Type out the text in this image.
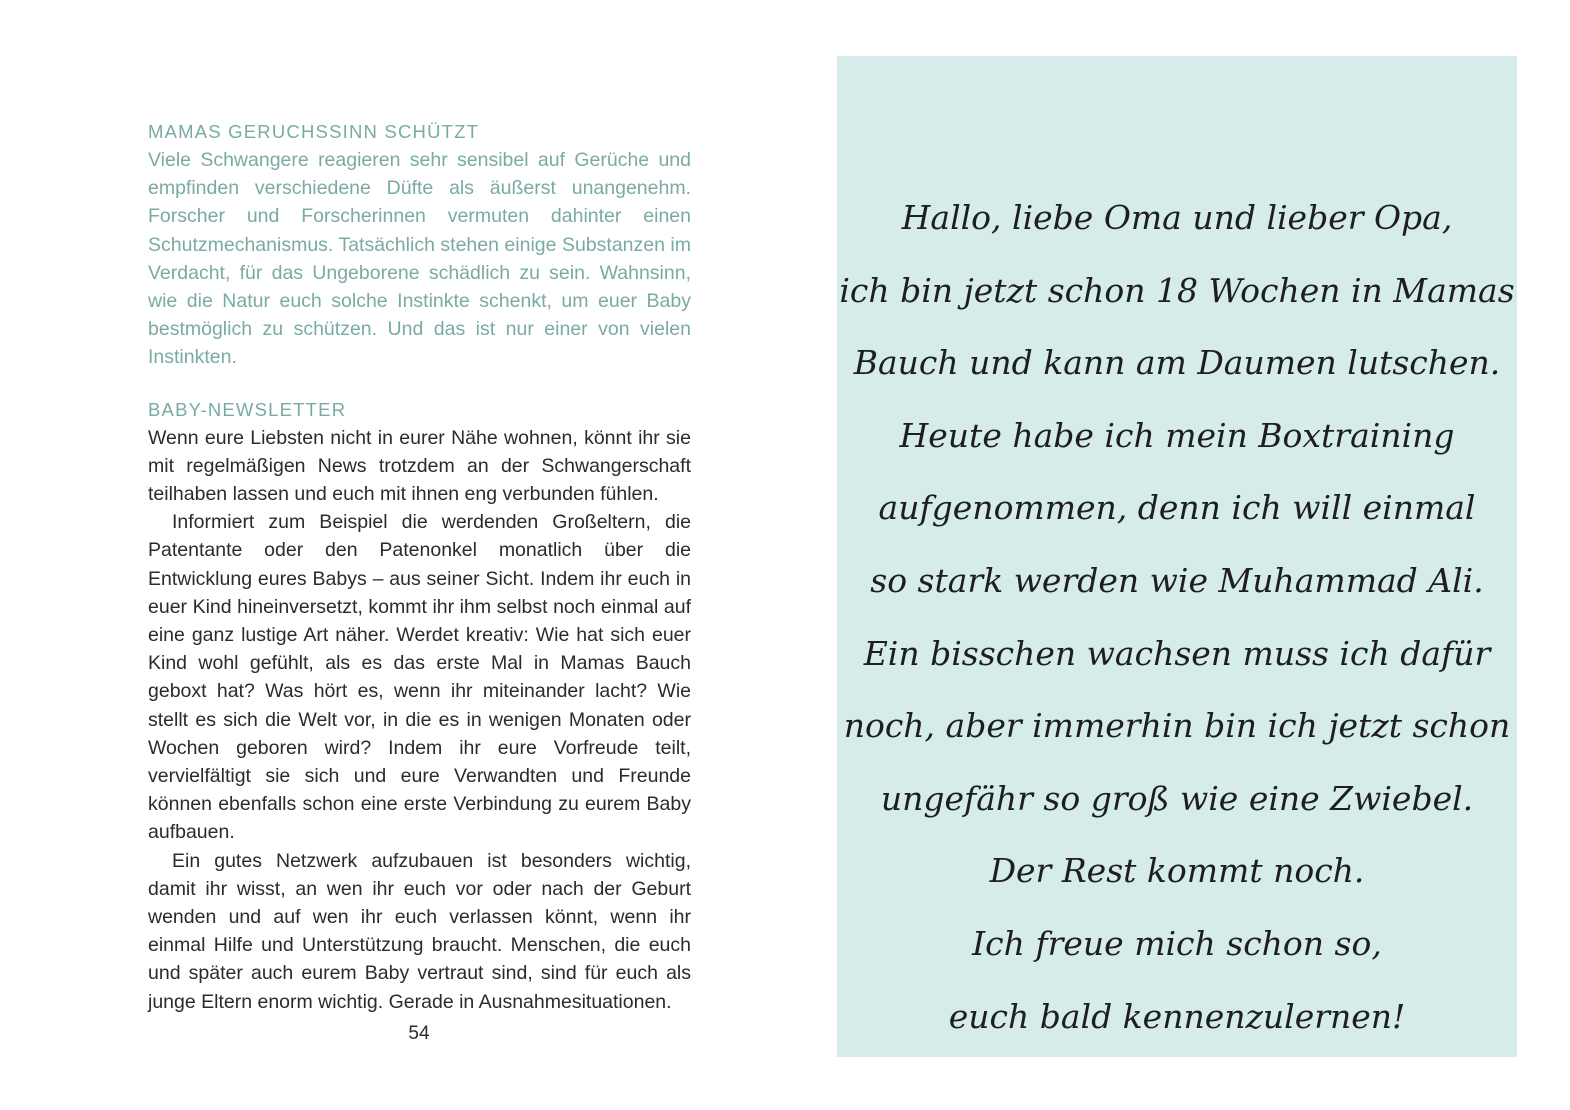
MAMAS GERUCHSSINN SCHÜTZT

Viele Schwangere reagieren sehr sensibel auf Gerüche und empfinden verschiedene Düfte als äußerst unangenehm. Forscher und Forscherinnen vermuten dahinter einen Schutzmechanismus. Tatsächlich stehen einige Substanzen im Verdacht, für das Ungeborene schädlich zu sein. Wahnsinn, wie die Natur euch solche Instinkte schenkt, um euer Baby bestmöglich zu schützen. Und das ist nur einer von vielen Instinkten.

BABY-NEWSLETTER

Wenn eure Liebsten nicht in eurer Nähe wohnen, könnt ihr sie mit regelmäßigen News trotzdem an der Schwangerschaft teilhaben lassen und euch mit ihnen eng verbunden fühlen.

Informiert zum Beispiel die werdenden Großeltern, die Patentante oder den Patenonkel monatlich über die Entwicklung eures Babys – aus seiner Sicht. Indem ihr euch in euer Kind hineinversetzt, kommt ihr ihm selbst noch einmal auf eine ganz lustige Art näher. Werdet kreativ: Wie hat sich euer Kind wohl gefühlt, als es das erste Mal in Mamas Bauch geboxt hat? Was hört es, wenn ihr miteinander lacht? Wie stellt es sich die Welt vor, in die es in wenigen Monaten oder Wochen geboren wird? Indem ihr eure Vorfreude teilt, vervielfältigt sie sich und eure Verwandten und Freunde können ebenfalls schon eine erste Verbindung zu eurem Baby aufbauen.

Ein gutes Netzwerk aufzubauen ist besonders wichtig, damit ihr wisst, an wen ihr euch vor oder nach der Geburt wenden und auf wen ihr euch verlassen könnt, wenn ihr einmal Hilfe und Unterstützung braucht. Menschen, die euch und später auch eurem Baby vertraut sind, sind für euch als junge Eltern enorm wichtig. Gerade in Ausnahmesituationen.

54
Hallo, liebe Oma und lieber Opa,
ich bin jetzt schon 18 Wochen in Mamas
Bauch und kann am Daumen lutschen.
Heute habe ich mein Boxtraining
aufgenommen, denn ich will einmal
so stark werden wie Muhammad Ali.
Ein bisschen wachsen muss ich dafür
noch, aber immerhin bin ich jetzt schon
ungefähr so groß wie eine Zwiebel.
Der Rest kommt noch.
Ich freue mich schon so,
euch bald kennenzulernen!
